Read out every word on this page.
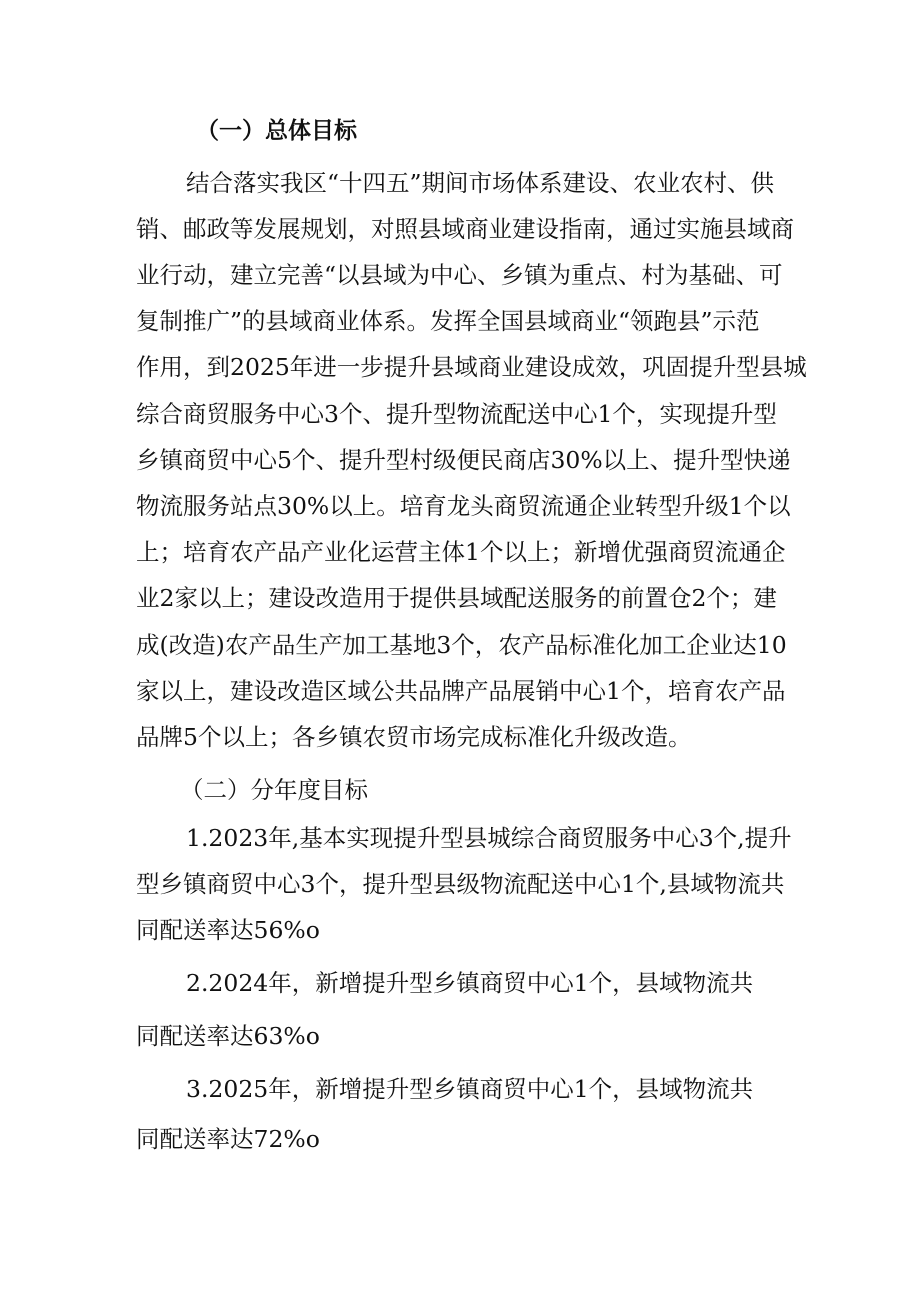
（一）总体目标
结合落实我区“十四五”期间市场体系建设、农业农村、供
销、邮政等发展规划，对照县域商业建设指南，通过实施县域商
业行动，建立完善“以县域为中心、乡镇为重点、村为基础、可
复制推广”的县域商业体系。发挥全国县域商业“领跑县”示范
作用，到2025年进一步提升县域商业建设成效，巩固提升型县城
综合商贸服务中心3个、提升型物流配送中心1个，实现提升型
乡镇商贸中心5个、提升型村级便民商店30%以上、提升型快递
物流服务站点30%以上。培育龙头商贸流通企业转型升级1个以
上；培育农产品产业化运营主体1个以上；新增优强商贸流通企
业2家以上；建设改造用于提供县域配送服务的前置仓2个；建
成(改造)农产品生产加工基地3个，农产品标准化加工企业达10
家以上，建设改造区域公共品牌产品展销中心1个，培育农产品
品牌5个以上；各乡镇农贸市场完成标准化升级改造。
（二）分年度目标
1.2023年,基本实现提升型县城综合商贸服务中心3个,提升
型乡镇商贸中心3个，提升型县级物流配送中心1个,县域物流共
同配送率达56%o
2.2024年，新增提升型乡镇商贸中心1个，县域物流共
同配送率达63%o
3.2025年，新增提升型乡镇商贸中心1个，县域物流共
同配送率达72%o
